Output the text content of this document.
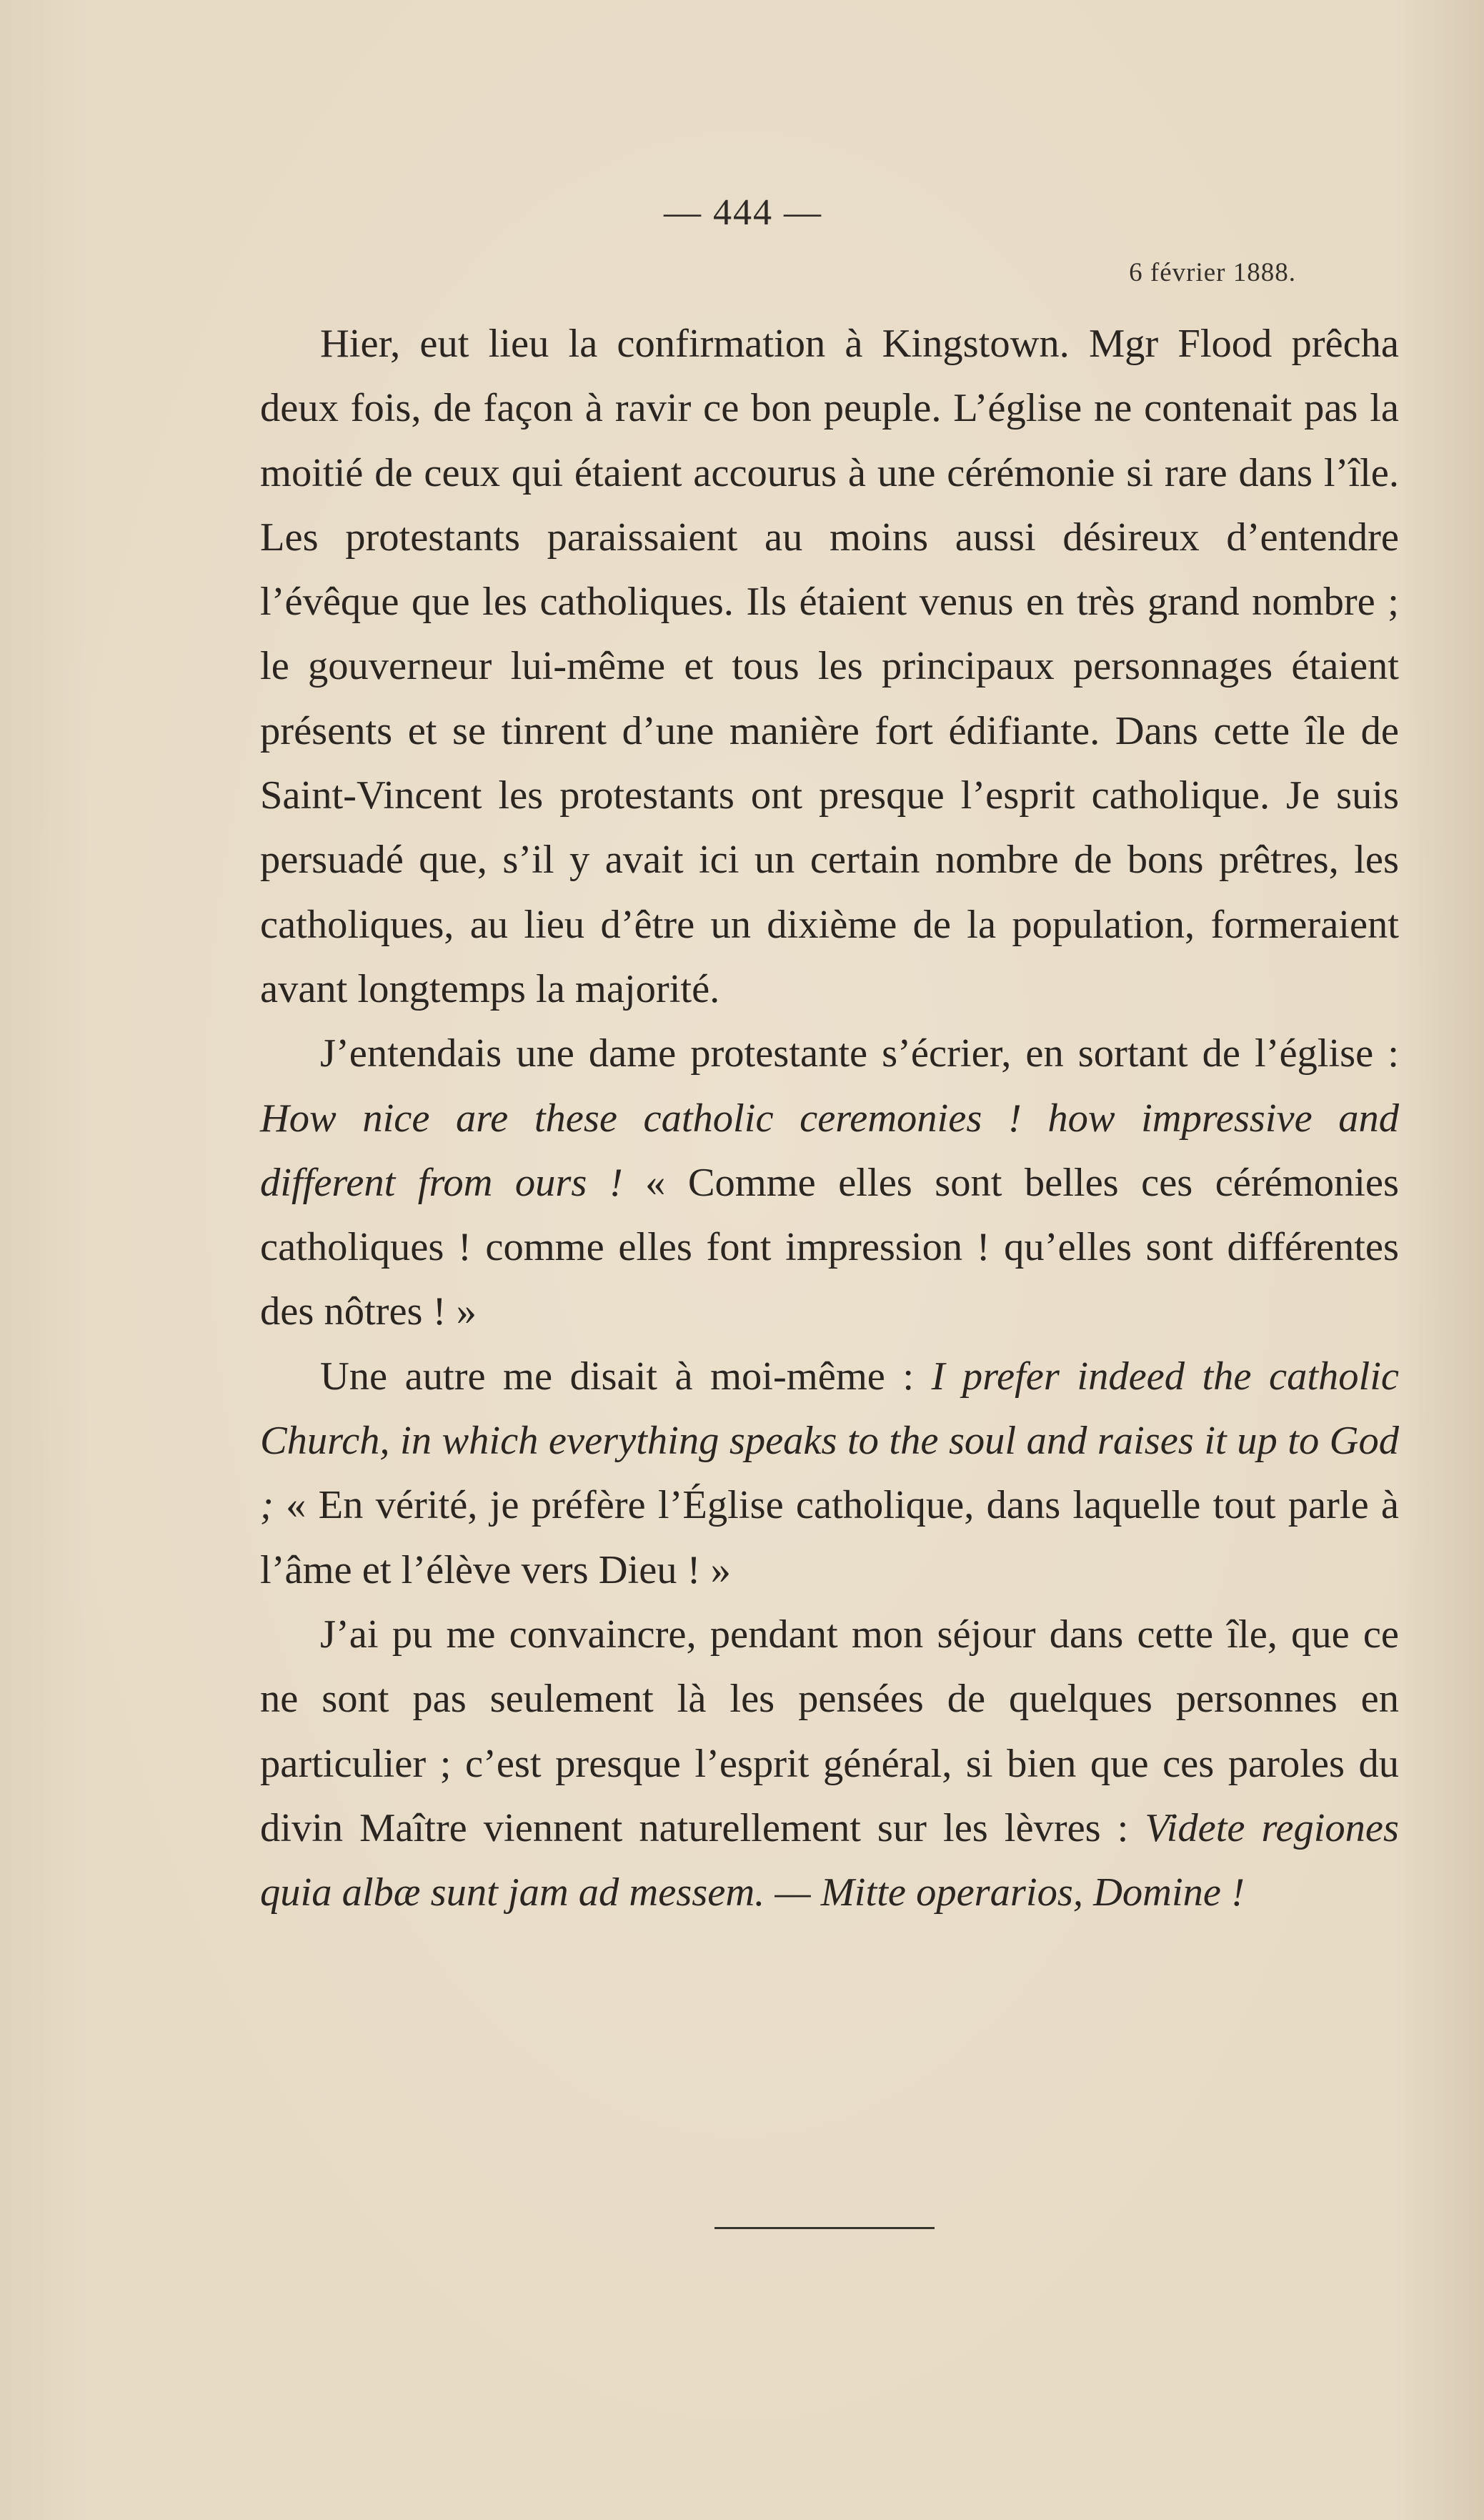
— 444 —
6 février 1888.

Hier, eut lieu la confirmation à Kingstown. Mgr Flood prêcha deux fois, de façon à ravir ce bon peuple. L’église ne contenait pas la moitié de ceux qui étaient accourus à une cérémonie si rare dans l’île. Les protestants paraissaient au moins aussi désireux d’entendre l’évêque que les catholiques. Ils étaient venus en très grand nombre ; le gouverneur lui-même et tous les principaux personnages étaient présents et se tinrent d’une manière fort édifiante. Dans cette île de Saint-Vincent les protestants ont presque l’esprit catholique. Je suis persuadé que, s’il y avait ici un certain nombre de bons prêtres, les catholiques, au lieu d’être un dixième de la population, formeraient avant longtemps la majorité.

J’entendais une dame protestante s’écrier, en sortant de l’église : How nice are these catholic ceremonies ! how impressive and different from ours ! « Comme elles sont belles ces cérémonies catholiques ! comme elles font impression ! qu’elles sont différentes des nôtres ! »

Une autre me disait à moi-même : I prefer indeed the catholic Church, in which everything speaks to the soul and raises it up to God ; « En vérité, je préfère l’Église catholique, dans laquelle tout parle à l’âme et l’élève vers Dieu ! »

J’ai pu me convaincre, pendant mon séjour dans cette île, que ce ne sont pas seulement là les pensées de quelques personnes en particulier ; c’est presque l’esprit général, si bien que ces paroles du divin Maître viennent naturellement sur les lèvres : Videte regiones quia albæ sunt jam ad messem. — Mitte operarios, Domine !
